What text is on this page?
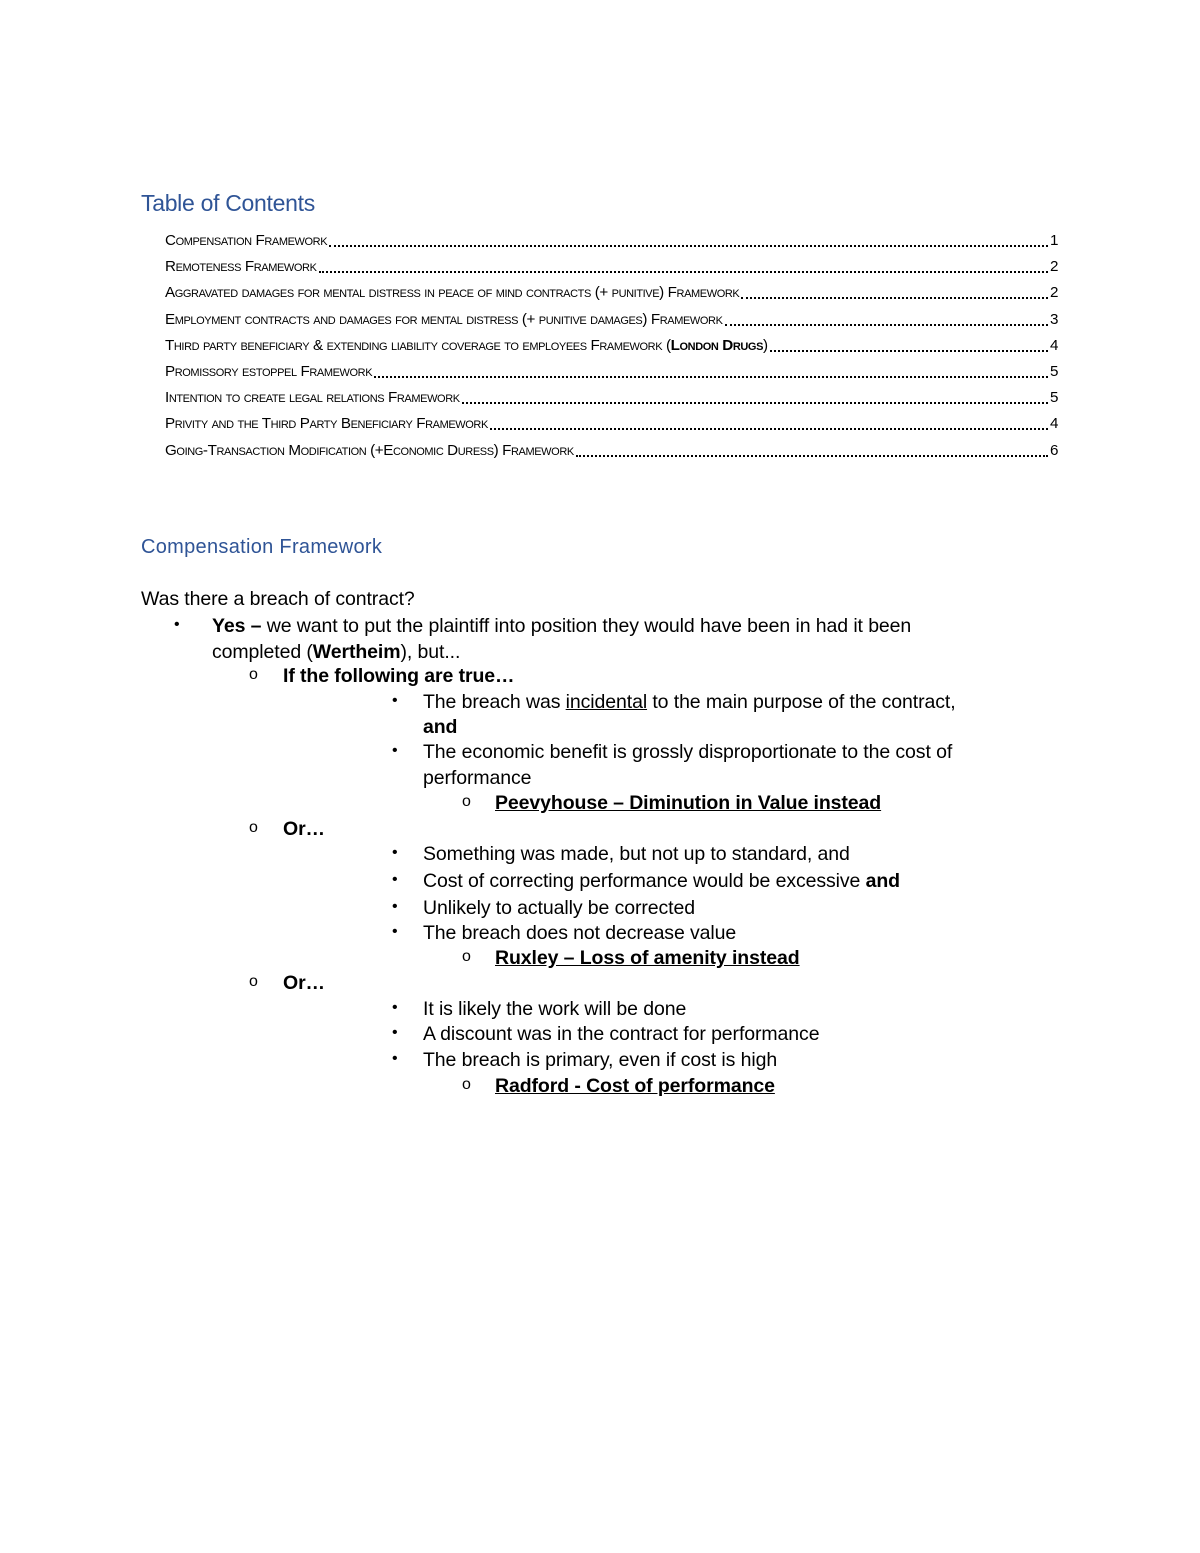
Table of Contents
Compensation Framework	1
Remoteness Framework	2
Aggravated damages for mental distress in peace of mind contracts (+ punitive) Framework	2
Employment contracts and damages for mental distress (+ punitive damages) Framework	3
Third party beneficiary & extending liability coverage to employees Framework (London Drugs)	4
Promissory estoppel Framework	5
Intention to create legal relations Framework	5
Privity and the Third Party Beneficiary Framework	4
Going-Transaction Modification (+Economic Duress) Framework	6
Compensation Framework
Was there a breach of contract?
• Yes – we want to put the plaintiff into position they would have been in had it been
completed (Wertheim), but...
o If the following are true…
• The breach was incidental to the main purpose of the contract,
and
• The economic benefit is grossly disproportionate to the cost of
performance
o Peevyhouse – Diminution in Value instead
o Or…
• Something was made, but not up to standard, and
• Cost of correcting performance would be excessive and
• Unlikely to actually be corrected
• The breach does not decrease value
o Ruxley – Loss of amenity instead
o Or…
• It is likely the work will be done
• A discount was in the contract for performance
• The breach is primary, even if cost is high
o Radford - Cost of performance
